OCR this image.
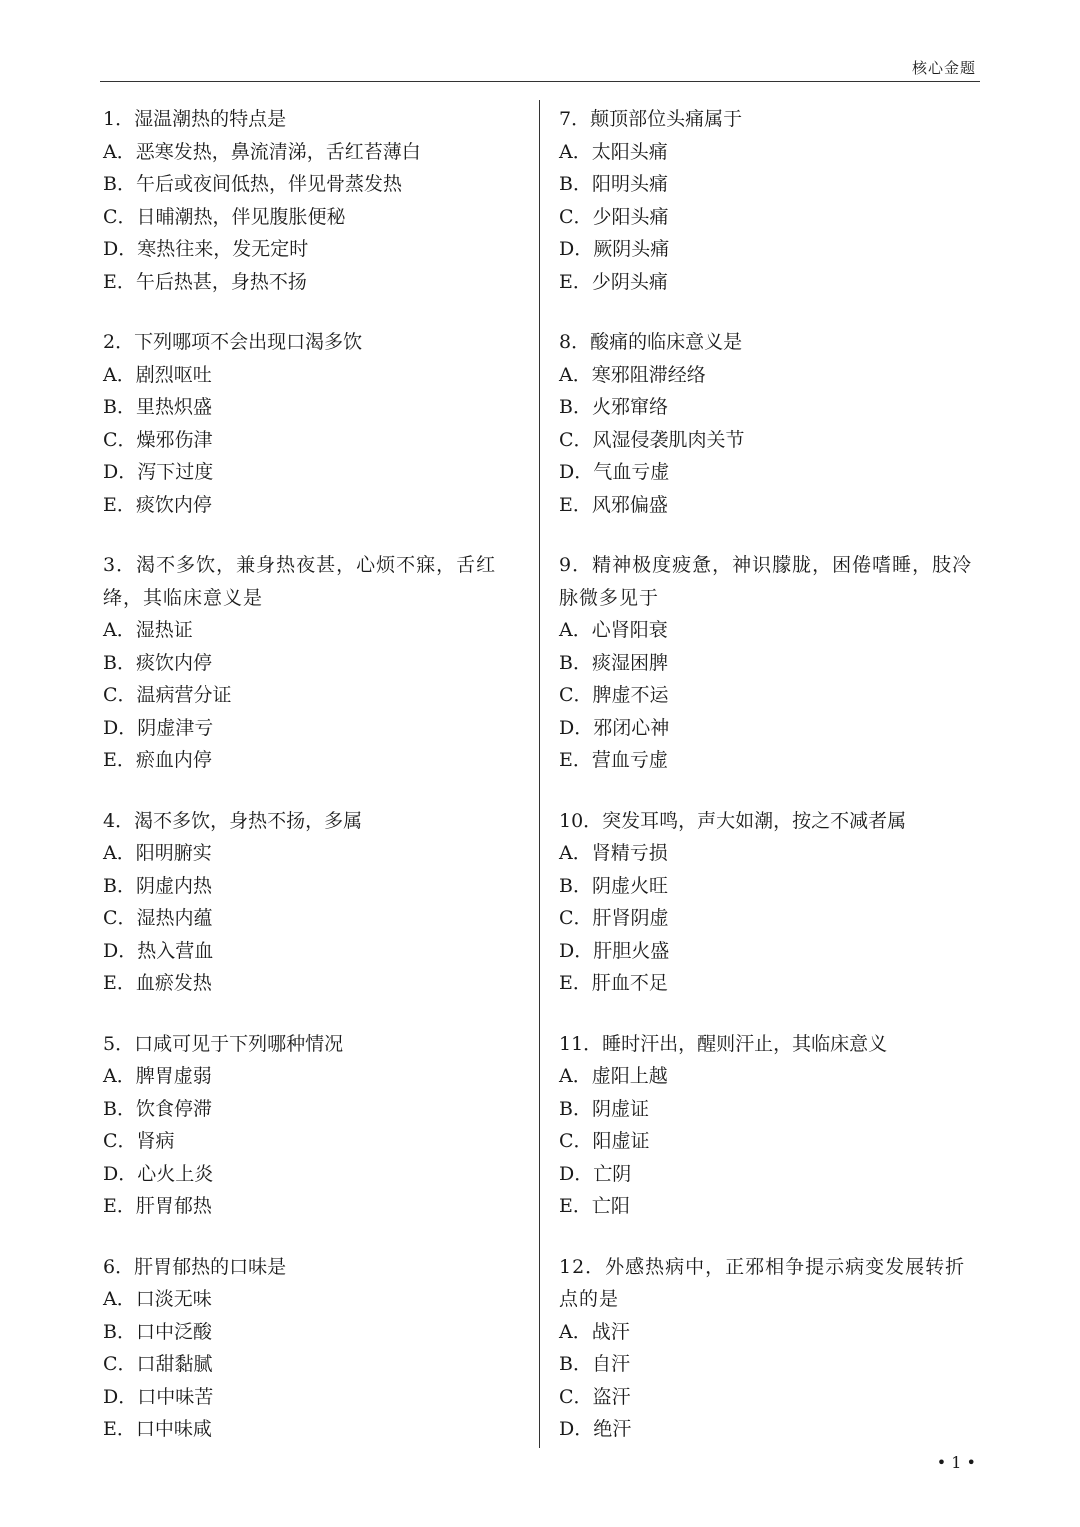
核心金题
1．湿温潮热的特点是
A．恶寒发热，鼻流清涕，舌红苔薄白
B．午后或夜间低热，伴见骨蒸发热
C．日晡潮热，伴见腹胀便秘
D．寒热往来，发无定时
E．午后热甚，身热不扬
2．下列哪项不会出现口渴多饮
A．剧烈呕吐
B．里热炽盛
C．燥邪伤津
D．泻下过度
E．痰饮内停
3．渴不多饮，兼身热夜甚，心烦不寐，舌红绛，其临床意义是
A．湿热证
B．痰饮内停
C．温病营分证
D．阴虚津亏
E．瘀血内停
4．渴不多饮，身热不扬，多属
A．阳明腑实
B．阴虚内热
C．湿热内蕴
D．热入营血
E．血瘀发热
5．口咸可见于下列哪种情况
A．脾胃虚弱
B．饮食停滞
C．肾病
D．心火上炎
E．肝胃郁热
6．肝胃郁热的口味是
A．口淡无味
B．口中泛酸
C．口甜黏腻
D．口中味苦
E．口中味咸
7．颠顶部位头痛属于
A．太阳头痛
B．阳明头痛
C．少阳头痛
D．厥阴头痛
E．少阴头痛
8．酸痛的临床意义是
A．寒邪阻滞经络
B．火邪窜络
C．风湿侵袭肌肉关节
D．气血亏虚
E．风邪偏盛
9．精神极度疲惫，神识朦胧，困倦嗜睡，肢冷脉微多见于
A．心肾阳衰
B．痰湿困脾
C．脾虚不运
D．邪闭心神
E．营血亏虚
10．突发耳鸣，声大如潮，按之不减者属
A．肾精亏损
B．阴虚火旺
C．肝肾阴虚
D．肝胆火盛
E．肝血不足
11．睡时汗出，醒则汗止，其临床意义
A．虚阳上越
B．阴虚证
C．阳虚证
D．亡阴
E．亡阳
12．外感热病中，正邪相争提示病变发展转折点的是
A．战汗
B．自汗
C．盗汗
D．绝汗
• 1 •
